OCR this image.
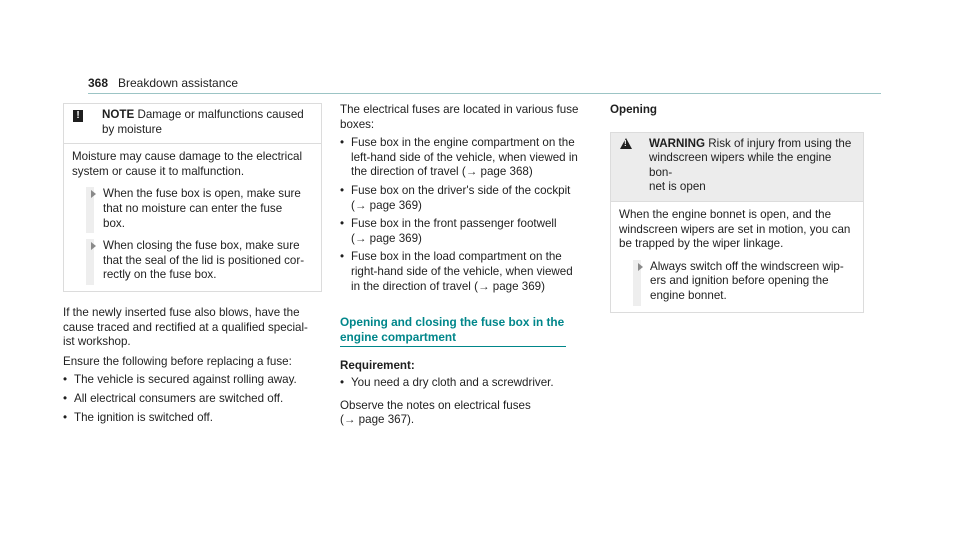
368 Breakdown assistance
! NOTE Damage or malfunctions caused
by moisture
Moisture may cause damage to the electrical
system or cause it to malfunction.
When the fuse box is open, make sure
that no moisture can enter the fuse
box.
When closing the fuse box, make sure
that the seal of the lid is positioned cor-
rectly on the fuse box.
If the newly inserted fuse also blows, have the
cause traced and rectified at a qualified special-
ist workshop.

Ensure the following before replacing a fuse:

• The vehicle is secured against rolling away.
• All electrical consumers are switched off.
• The ignition is switched off.
The electrical fuses are located in various fuse
boxes:
• Fuse box in the engine compartment on the
left-hand side of the vehicle, when viewed in
the direction of travel (→ page 368)
• Fuse box on the driver's side of the cockpit
(→ page 369)
• Fuse box in the front passenger footwell
(→ page 369)
• Fuse box in the load compartment on the
right-hand side of the vehicle, when viewed
in the direction of travel (→ page 369)
Opening and closing the fuse box in the
engine compartment
Requirement:
• You need a dry cloth and a screwdriver.
Observe the notes on electrical fuses
(→ page 367).
Opening
! WARNING Risk of injury from using the
windscreen wipers while the engine bon-
net is open
When the engine bonnet is open, and the
windscreen wipers are set in motion, you can
be trapped by the wiper linkage.
Always switch off the windscreen wip-
ers and ignition before opening the
engine bonnet.
